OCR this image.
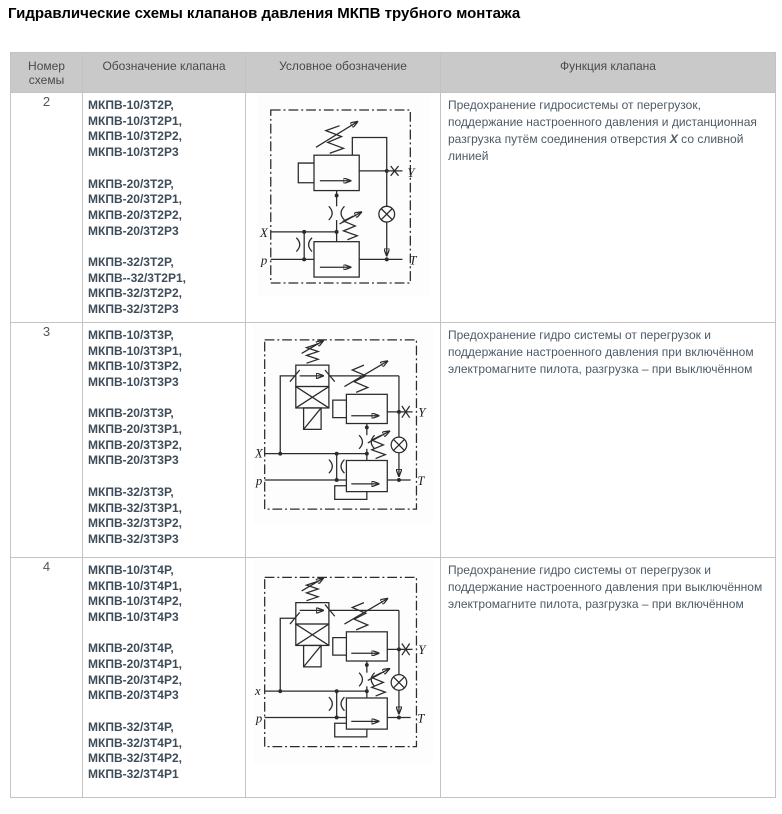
Гидравлические схемы клапанов давления МКПВ трубного монтажа
Номер схемы	Обозначение клапана	Условное обозначение	Функция клапана
2	МКПВ-10/3Т2Р,
МКПВ-10/3Т2Р1,
МКПВ-10/3Т2Р2,
МКПВ-10/3Т2Р3

МКПВ-20/3Т2Р,
МКПВ-20/3Т2Р1,
МКПВ-20/3Т2Р2,
МКПВ-20/3Т2Р3

МКПВ-32/3Т2Р,
МКПВ--32/3Т2Р1,
МКПВ-32/3Т2Р2,
МКПВ-32/3Т2Р3	
X
p
Y
T
	Предохранение гидросистемы от перегрузок, поддержание настроенного давления и дистанционная разгрузка путём соединения отверстия X со сливной линией
3	МКПВ-10/3Т3Р,
МКПВ-10/3Т3Р1,
МКПВ-10/3Т3Р2,
МКПВ-10/3Т3Р3

МКПВ-20/3Т3Р,
МКПВ-20/3Т3Р1,
МКПВ-20/3Т3Р2,
МКПВ-20/3Т3Р3

МКПВ-32/3Т3Р,
МКПВ-32/3Т3Р1,
МКПВ-32/3Т3Р2,
МКПВ-32/3Т3Р3	
X
p
Y
T
	Предохранение гидро системы от перегрузок и поддержание настроенного давления при включённом электромагните пилота, разгрузка – при выключённом
4	МКПВ-10/3Т4Р,
МКПВ-10/3Т4Р1,
МКПВ-10/3Т4Р2,
МКПВ-10/3Т4Р3

МКПВ-20/3Т4Р,
МКПВ-20/3Т4Р1,
МКПВ-20/3Т4Р2,
МКПВ-20/3Т4Р3

МКПВ-32/3Т4Р,
МКПВ-32/3Т4Р1,
МКПВ-32/3Т4Р2,
МКПВ-32/3Т4Р1	
x
p
Y
T
	Предохранение гидро системы от перегрузок и поддержание настроенного давления при выключённом электромагните пилота, разгрузка – при включённом
